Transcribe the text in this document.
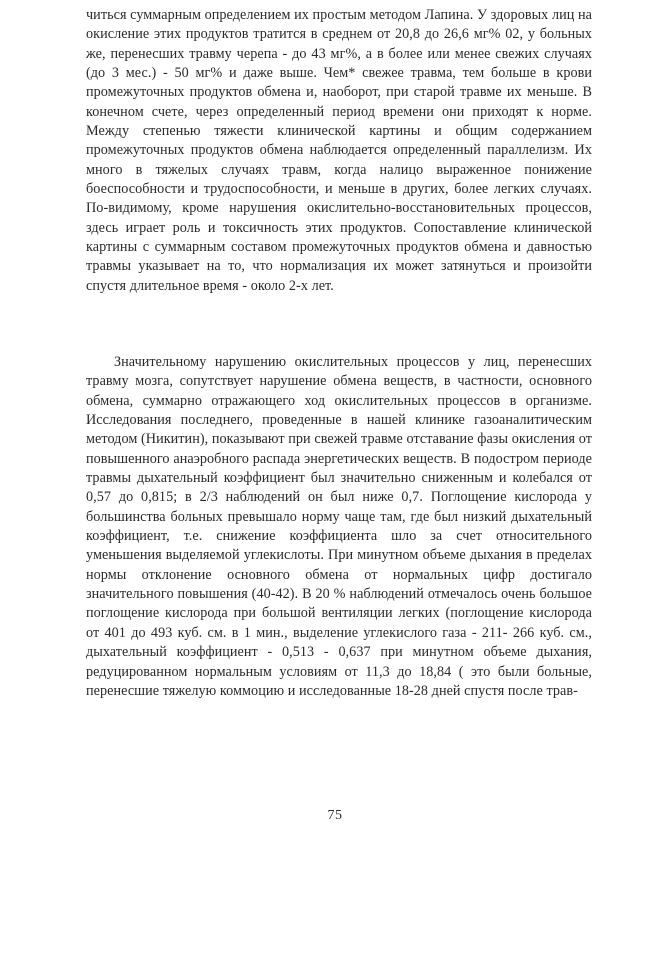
читься суммарным определением их простым методом Лапина. У здоровых лиц на окисление этих продуктов тратится в среднем от 20,8 до 26,6 мг% 02, у больных же, перенесших травму черепа - до 43 мг%, а в более или менее свежих случаях (до 3 мес.) - 50 мг% и даже выше. Чем* свежее травма, тем больше в крови промежуточных продуктов обмена и, наоборот, при старой травме их меньше. В конечном счете, через определенный период времени они приходят к норме. Между степенью тяжести клинической картины и общим содержанием промежуточных продуктов обмена наблюдается определенный параллелизм. Их много в тяжелых случаях травм, когда налицо выраженное понижение боеспособности и трудоспособности, и меньше в других, более легких случаях. По-видимому, кроме нарушения окислительно-восстановительных процессов, здесь играет роль и токсичность этих продуктов. Сопоставление клинической картины с суммарным составом промежуточных продуктов обмена и давностью травмы указывает на то, что нормализация их может затянуться и произойти спустя длительное время - около 2-х лет.

Значительному нарушению окислительных процессов у лиц, перенесших травму мозга, сопутствует нарушение обмена веществ, в частности, основного обмена, суммарно отражающего ход окислительных процессов в организме. Исследования последнего, проведенные в нашей клинике газоаналитическим методом (Никитин), показывают при свежей травме отставание фазы окисления от повышенного анаэробного распада энергетических веществ. В подостром периоде травмы дыхательный коэффициент был значительно сниженным и колебался от 0,57 до 0,815; в 2/3 наблюдений он был ниже 0,7. Поглощение кислорода у большинства больных превышало норму чаще там, где был низкий дыхательный коэффициент, т.е. снижение коэффициента шло за счет относительного уменьшения выделяемой углекислоты. При минутном объеме дыхания в пределах нормы отклонение основного обмена от нормальных цифр достигало значительного повышения (40-42). В 20 % наблюдений отмечалось очень большое поглощение кислорода при большой вентиляции легких (поглощение кислорода от 401 до 493 куб. см. в 1 мин., выделение углекислого газа - 211- 266 куб. см., дыхательный коэффициент - 0,513 - 0,637 при минутном объеме дыхания, редуцированном нормальным условиям от 11,3 до 18,84 ( это были больные, перенесшие тяжелую коммоцию и исследованные 18-28 дней спустя после трав-

75
